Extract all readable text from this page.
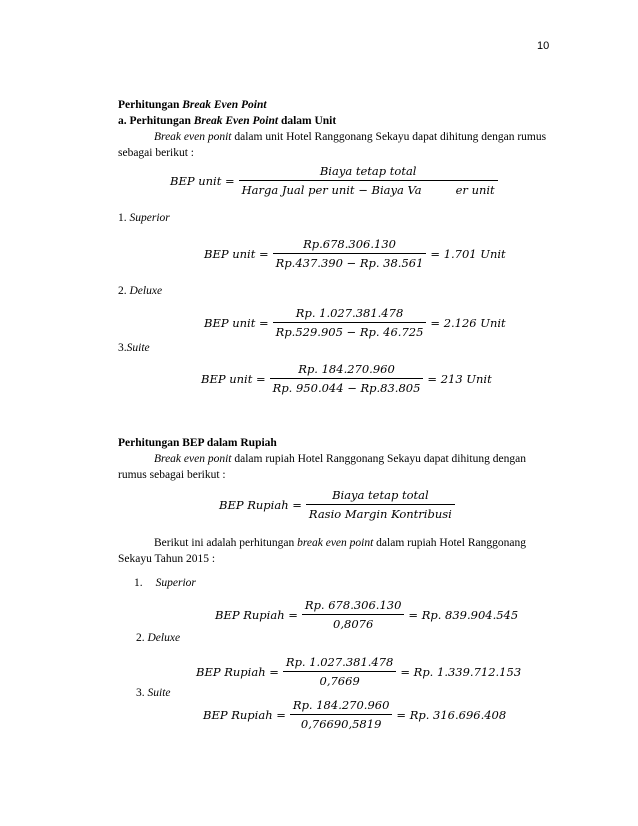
10
Perhitungan Break Even Point
a. Perhitungan Break Even Point dalam Unit
Break even ponit dalam unit Hotel Ranggonang Sekayu dapat dihitung dengan rumus
sebagai berikut :
BEP unit = Biaya tetap total
Harga Jual per unit − Biaya Va	er unit
1. Superior
BEP unit = $\frac{Rp.678.306.130}{Rp.437.390 - Rp. 38.561} = 1.701$ Unit
2. Deluxe
BEP unit = $\frac{Rp. 1.027.381.478}{Rp.529.905 - Rp. 46.725} = 2.126$ Unit
3.Suite
BEP unit = $\frac{Rp. 184.270.960}{Rp. 950.044 - Rp.83.805} = 213$ Unit
Perhitungan BEP dalam Rupiah
Break even ponit dalam rupiah Hotel Ranggonang Sekayu dapat dihitung dengan
rumus sebagai berikut :
BEP Rupiah = $\frac{\text{Biaya tetap total}}{\text{Rasio Margin Kontribusi}}$
Berikut ini adalah perhitungan break even point dalam rupiah Hotel Ranggonang
Sekayu Tahun 2015 :
1. Superior
BEP Rupiah = $\frac{Rp. 678.306.130}{0,8076} = Rp$. 839.904.545
2. Deluxe
BEP Rupiah = $\frac{Rp. 1.027.381.478}{0,7669} = Rp$. 1.339.712.153
3. Suite
BEP Rupiah = $\frac{Rp. 184.270.960}{0,76690,5819} = Rp$. 316.696.408
